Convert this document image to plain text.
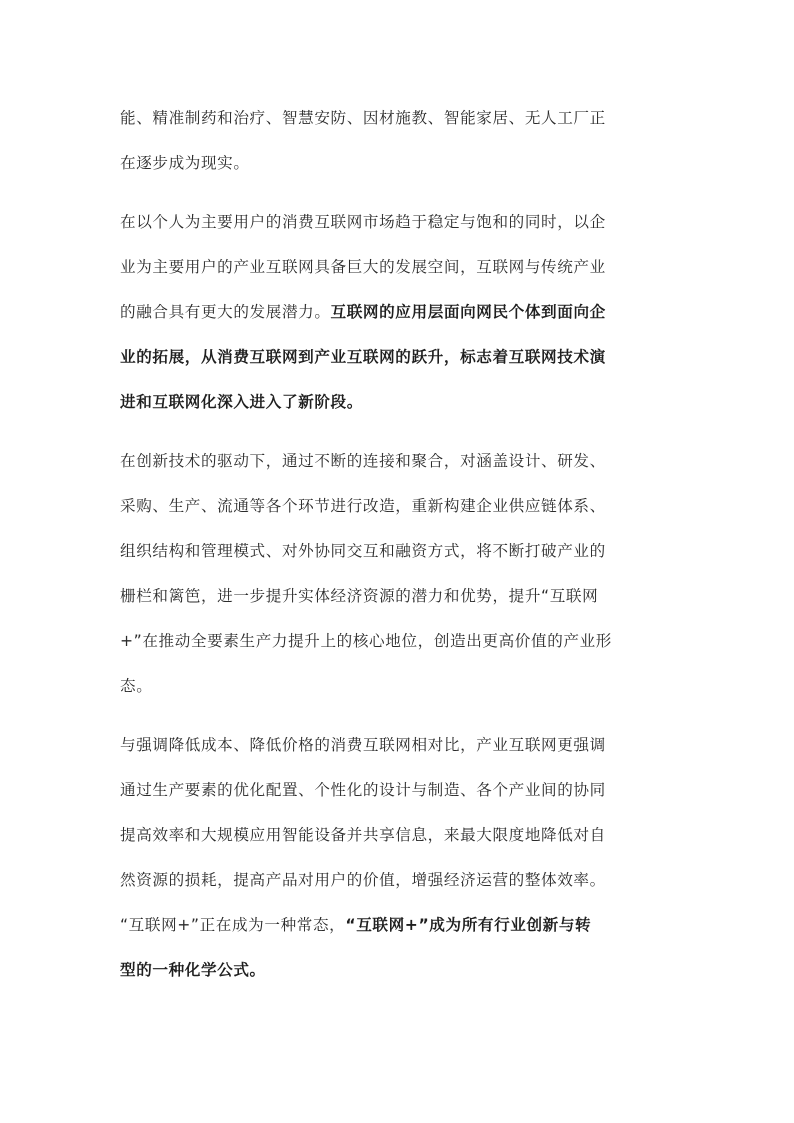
能、精准制药和治疗、智慧安防、因材施教、智能家居、无人工厂正
在逐步成为现实。
在以个人为主要用户的消费互联网市场趋于稳定与饱和的同时，以企
业为主要用户的产业互联网具备巨大的发展空间，互联网与传统产业
的融合具有更大的发展潜力。互联网的应用层面向网民个体到面向企
业的拓展，从消费互联网到产业互联网的跃升，标志着互联网技术演
进和互联网化深入进入了新阶段。
在创新技术的驱动下，通过不断的连接和聚合，对涵盖设计、研发、
采购、生产、流通等各个环节进行改造，重新构建企业供应链体系、
组织结构和管理模式、对外协同交互和融资方式，将不断打破产业的
栅栏和篱笆，进一步提升实体经济资源的潜力和优势，提升“互联网
+”在推动全要素生产力提升上的核心地位，创造出更高价值的产业形
态。
与强调降低成本、降低价格的消费互联网相对比，产业互联网更强调
通过生产要素的优化配置、个性化的设计与制造、各个产业间的协同
提高效率和大规模应用智能设备并共享信息，来最大限度地降低对自
然资源的损耗，提高产品对用户的价值，增强经济运营的整体效率。
“互联网+”正在成为一种常态，“互联网+”成为所有行业创新与转
型的一种化学公式。
